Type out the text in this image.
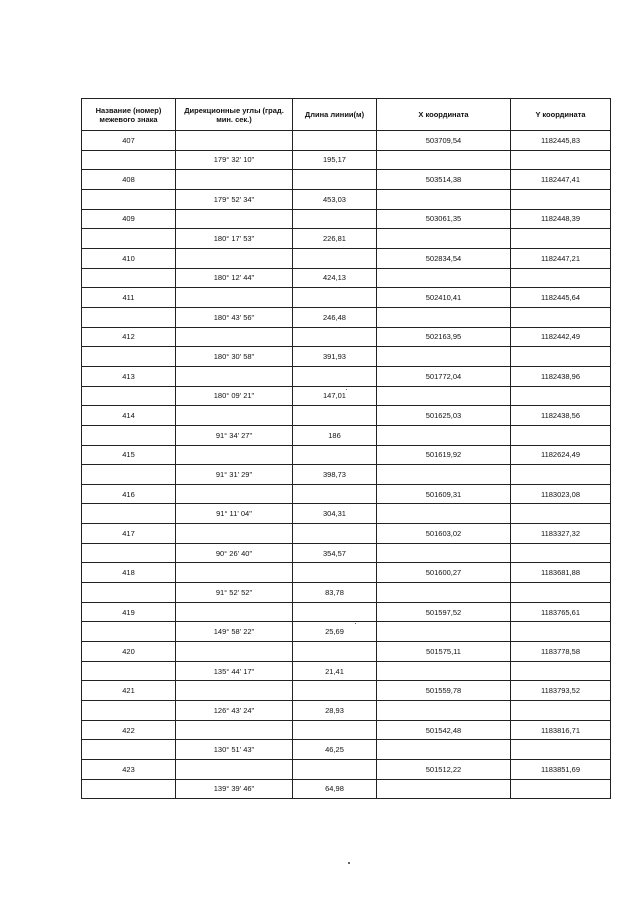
Название (номер) межевого знака	Дирекционные углы (град. мин. сек.)	Длина линии(м)	X координата	Y координата
407			503709,54	1182445,83
	179° 32' 10"	195,17		
408			503514,38	1182447,41
	179° 52' 34"	453,03		
409			503061,35	1182448,39
	180° 17' 53"	226,81		
410			502834,54	1182447,21
	180° 12' 44"	424,13		
411			502410,41	1182445,64
	180° 43' 56"	246,48		
412			502163,95	1182442,49
	180° 30' 58"	391,93		
413			501772,04	1182438,96
	180° 09' 21"	147,01		
414			501625,03	1182438,56
	91° 34' 27"	186		
415			501619,92	1182624,49
	91° 31' 29"	398,73		
416			501609,31	1183023,08
	91° 11' 04"	304,31		
417			501603,02	1183327,32
	90° 26' 40"	354,57		
418			501600,27	1183681,88
	91° 52' 52"	83,78		
419			501597,52	1183765,61
	149° 58' 22"	25,69		
420			501575,11	1183778,58
	135° 44' 17"	21,41		
421			501559,78	1183793,52
	126° 43' 24"	28,93		
422			501542,48	1183816,71
	130° 51' 43"	46,25		
423			501512,22	1183851,69
	139° 39' 46"	64,98		
